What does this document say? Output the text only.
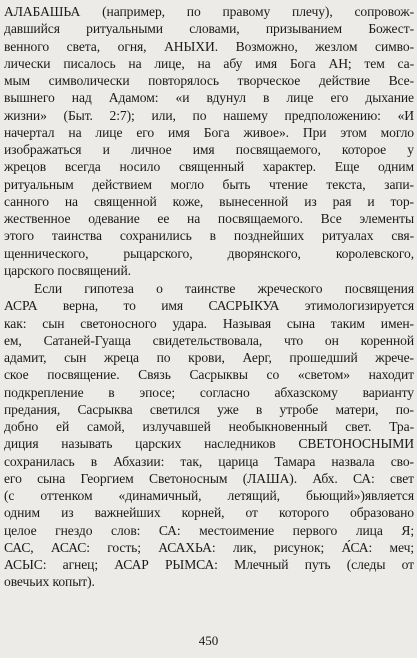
АЛАБАШЬА (например, по правому плечу), сопровож-
давшийся ритуальными словами, призыванием Божест-
венного света, огня, АНЫХИ. Возможно, жезлом симво-
лически писалось на лице, на абу имя Бога АН; тем са-
мым символически повторялось творческое действие Все-
вышнего над Адамом: «и вдунул в лице его дыхание
жизни» (Быт. 2:7); или, по нашему предположению: «И
начертал на лице его имя Бога живое». При этом могло
изображаться и личное имя посвящаемого, которое у
жрецов всегда носило священный характер. Еще одним
ритуальным действием могло быть чтение текста, запи-
санного на священной коже, вынесенной из рая и тор-
жественное одевание ее на посвящаемого. Все элементы
этого таинства сохранились в позднейших ритуалах свя-
щеннического, рыцарского, дворянского, королевского,
царского посвящений.
Если гипотеза о таинстве жреческого посвящения
АСРА верна, то имя САСРЫКУА этимологизируется
как: сын светоносного удара. Называя сына таким имен-
ем, Сатаней-Гуаща свидетельствовала, что он коренной
адамит, сын жреца по крови, Аерг, прошедший жрече-
ское посвящение. Связь Сасрыквы со «светом» находит
подкрепление в эпосе; согласно абхазскому варианту
предания, Сасрыква светился уже в утробе матери, по-
добно ей самой, излучавшей необыкновенный свет. Тра-
диция называть царских наследников СВЕТОНОСНЫМИ
сохранилась в Абхазии: так, царица Тамара назвала сво-
его сына Георгием Светоносным (ЛАША). Абх. СА: свет
(с оттенком «динамичный, летящий, бьющий»)является
одним из важнейших корней, от которого образовано
целое гнездо слов: СА: местоимение первого лица Я;
САС, АСАС: гость; АСАХЬА: лик, рисунок; А́СА: меч;
АСЫС: агнец; АСАР РЫМСА: Млечный путь (следы от
овечьих копыт).
450
